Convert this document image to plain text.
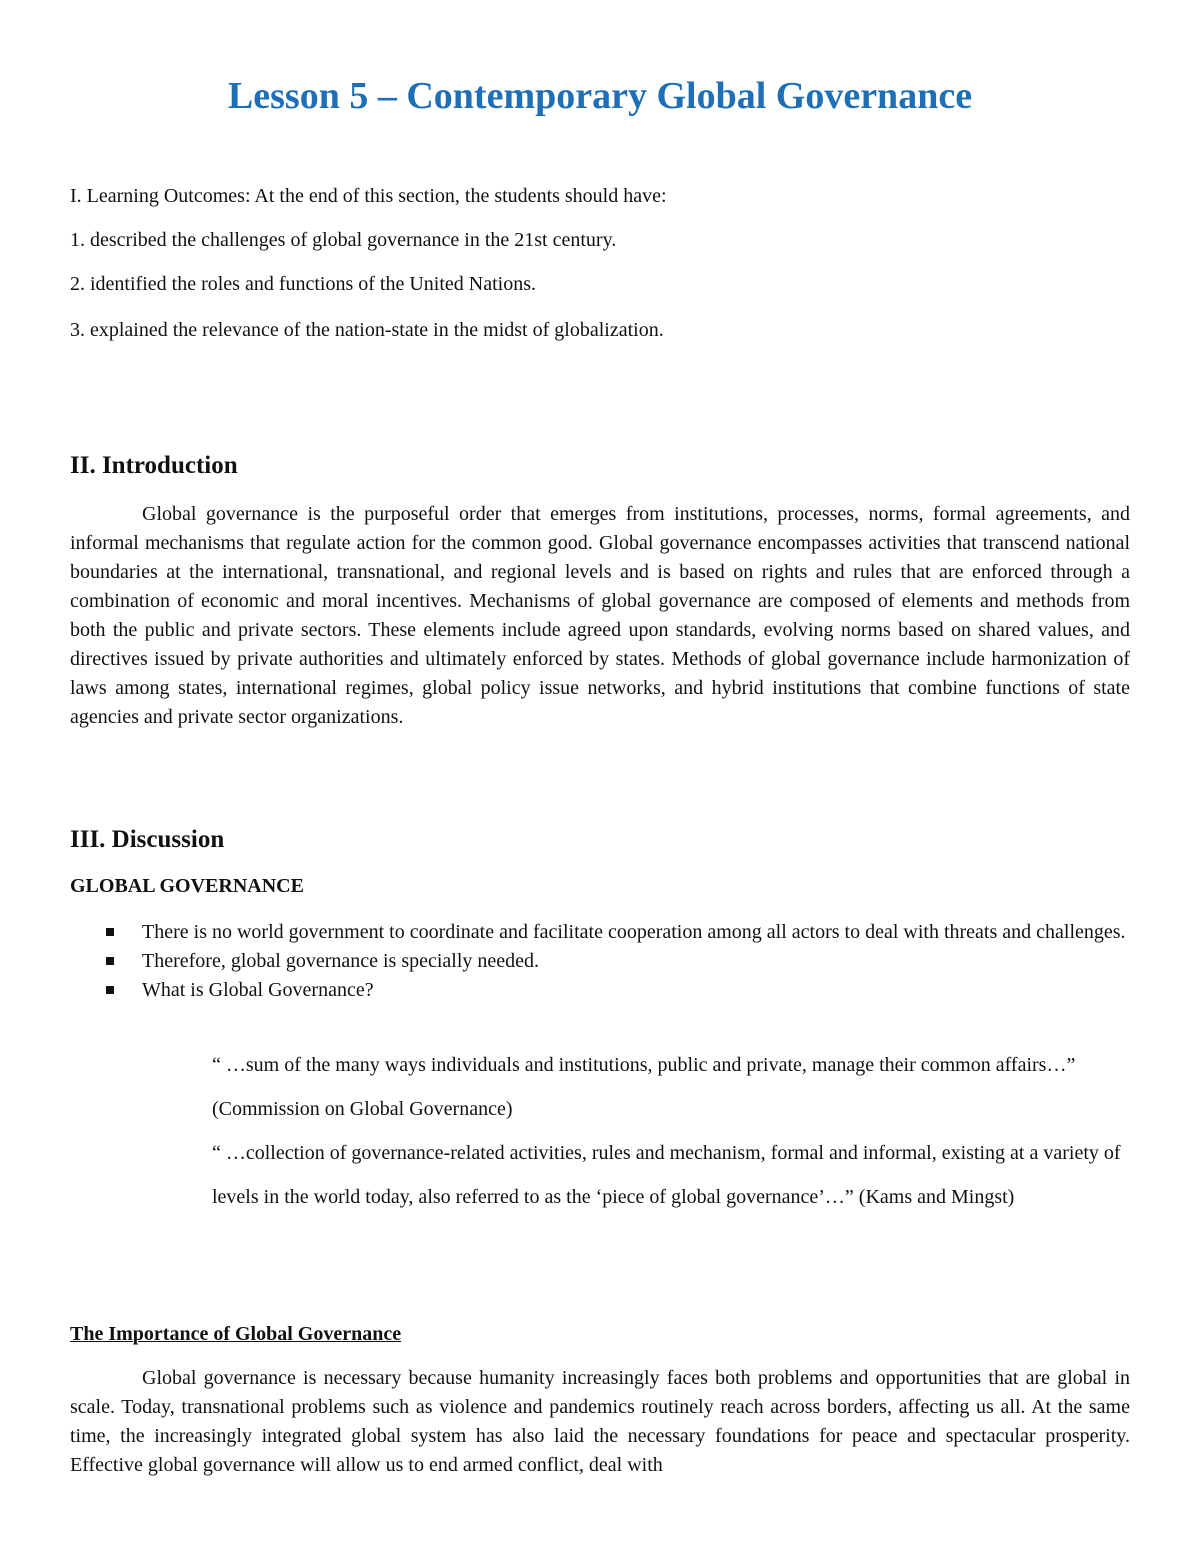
Lesson 5 – Contemporary Global Governance

I. Learning Outcomes: At the end of this section, the students should have:

1. described the challenges of global governance in the 21st century.

2. identified the roles and functions of the United Nations.

3. explained the relevance of the nation-state in the midst of globalization.

II. Introduction

Global governance is the purposeful order that emerges from institutions, processes, norms, formal agreements, and informal mechanisms that regulate action for the common good. Global governance encompasses activities that transcend national boundaries at the international, transnational, and regional levels and is based on rights and rules that are enforced through a combination of economic and moral incentives. Mechanisms of global governance are composed of elements and methods from both the public and private sectors. These elements include agreed upon standards, evolving norms based on shared values, and directives issued by private authorities and ultimately enforced by states. Methods of global governance include harmonization of laws among states, international regimes, global policy issue networks, and hybrid institutions that combine functions of state agencies and private sector organizations.

III. Discussion
GLOBAL GOVERNANCE
There is no world government to coordinate and facilitate cooperation among all actors to deal with threats and challenges.
Therefore, global governance is specially needed.
What is Global Governance?

“ …sum of the many ways individuals and institutions, public and private, manage their common affairs…” (Commission on Global Governance)

“ …collection of governance-related activities, rules and mechanism, formal and informal, existing at a variety of levels in the world today, also referred to as the ‘piece of global governance’…” (Kams and Mingst)

The Importance of Global Governance

Global governance is necessary because humanity increasingly faces both problems and opportunities that are global in scale. Today, transnational problems such as violence and pandemics routinely reach across borders, affecting us all. At the same time, the increasingly integrated global system has also laid the necessary foundations for peace and spectacular prosperity. Effective global governance will allow us to end armed conflict, deal with
